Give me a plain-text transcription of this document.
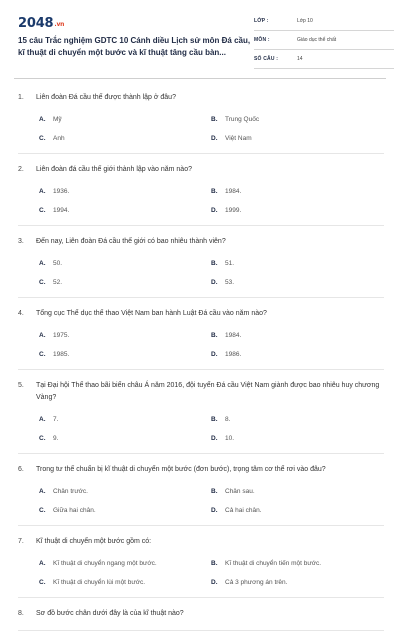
2048.vn
15 câu Trắc nghiệm GDTC 10 Cánh diều Lịch sử môn Đá cầu, kĩ thuật di chuyển một bước và kĩ thuật tâng cầu bàn...
LỚP :	Lớp 10
MÔN :	Giáo dục thể chất
SỐ CÂU :	14
1.	Liên đoàn Đá cầu thế được thành lập ở đâu?
A.	Mỹ	B.	Trung Quốc
C.	Anh	D.	Việt Nam
2.	Liên đoàn đá cầu thế giới thành lập vào năm nào?
A.	1936.	B.	1984.
C.	1994.	D.	1999.
3.	Đến nay, Liên đoàn Đá cầu thế giới có bao nhiêu thành viên?
A.	50.	B.	51.
C.	52.	D.	53.
4.	Tổng cục Thể dục thể thao Việt Nam ban hành Luật Đá cầu vào năm nào?
A.	1975.	B.	1984.
C.	1985.	D.	1986.
5.	Tại Đại hội Thể thao bãi biển châu Á năm 2016, đội tuyển Đá cầu Việt Nam giành được bao nhiêu huy chương Vàng?
A.	7.	B.	8.
C.	9.	D.	10.
6.	Trong tư thế chuẩn bị kĩ thuật di chuyển một bước (đơn bước), trọng tâm cơ thể rơi vào đâu?
A.	Chân trước.	B.	Chân sau.
C.	Giữa hai chân.	D.	Cả hai chân.
7.	Kĩ thuật di chuyển một bước gồm có:
A.	Kĩ thuật di chuyển ngang một bước.	B.	Kĩ thuật di chuyển tiến một bước.
C.	Kĩ thuật di chuyển lùi một bước.	D.	Cả 3 phương án trên.
8.	Sơ đồ bước chân dưới đây là của kĩ thuật nào?
